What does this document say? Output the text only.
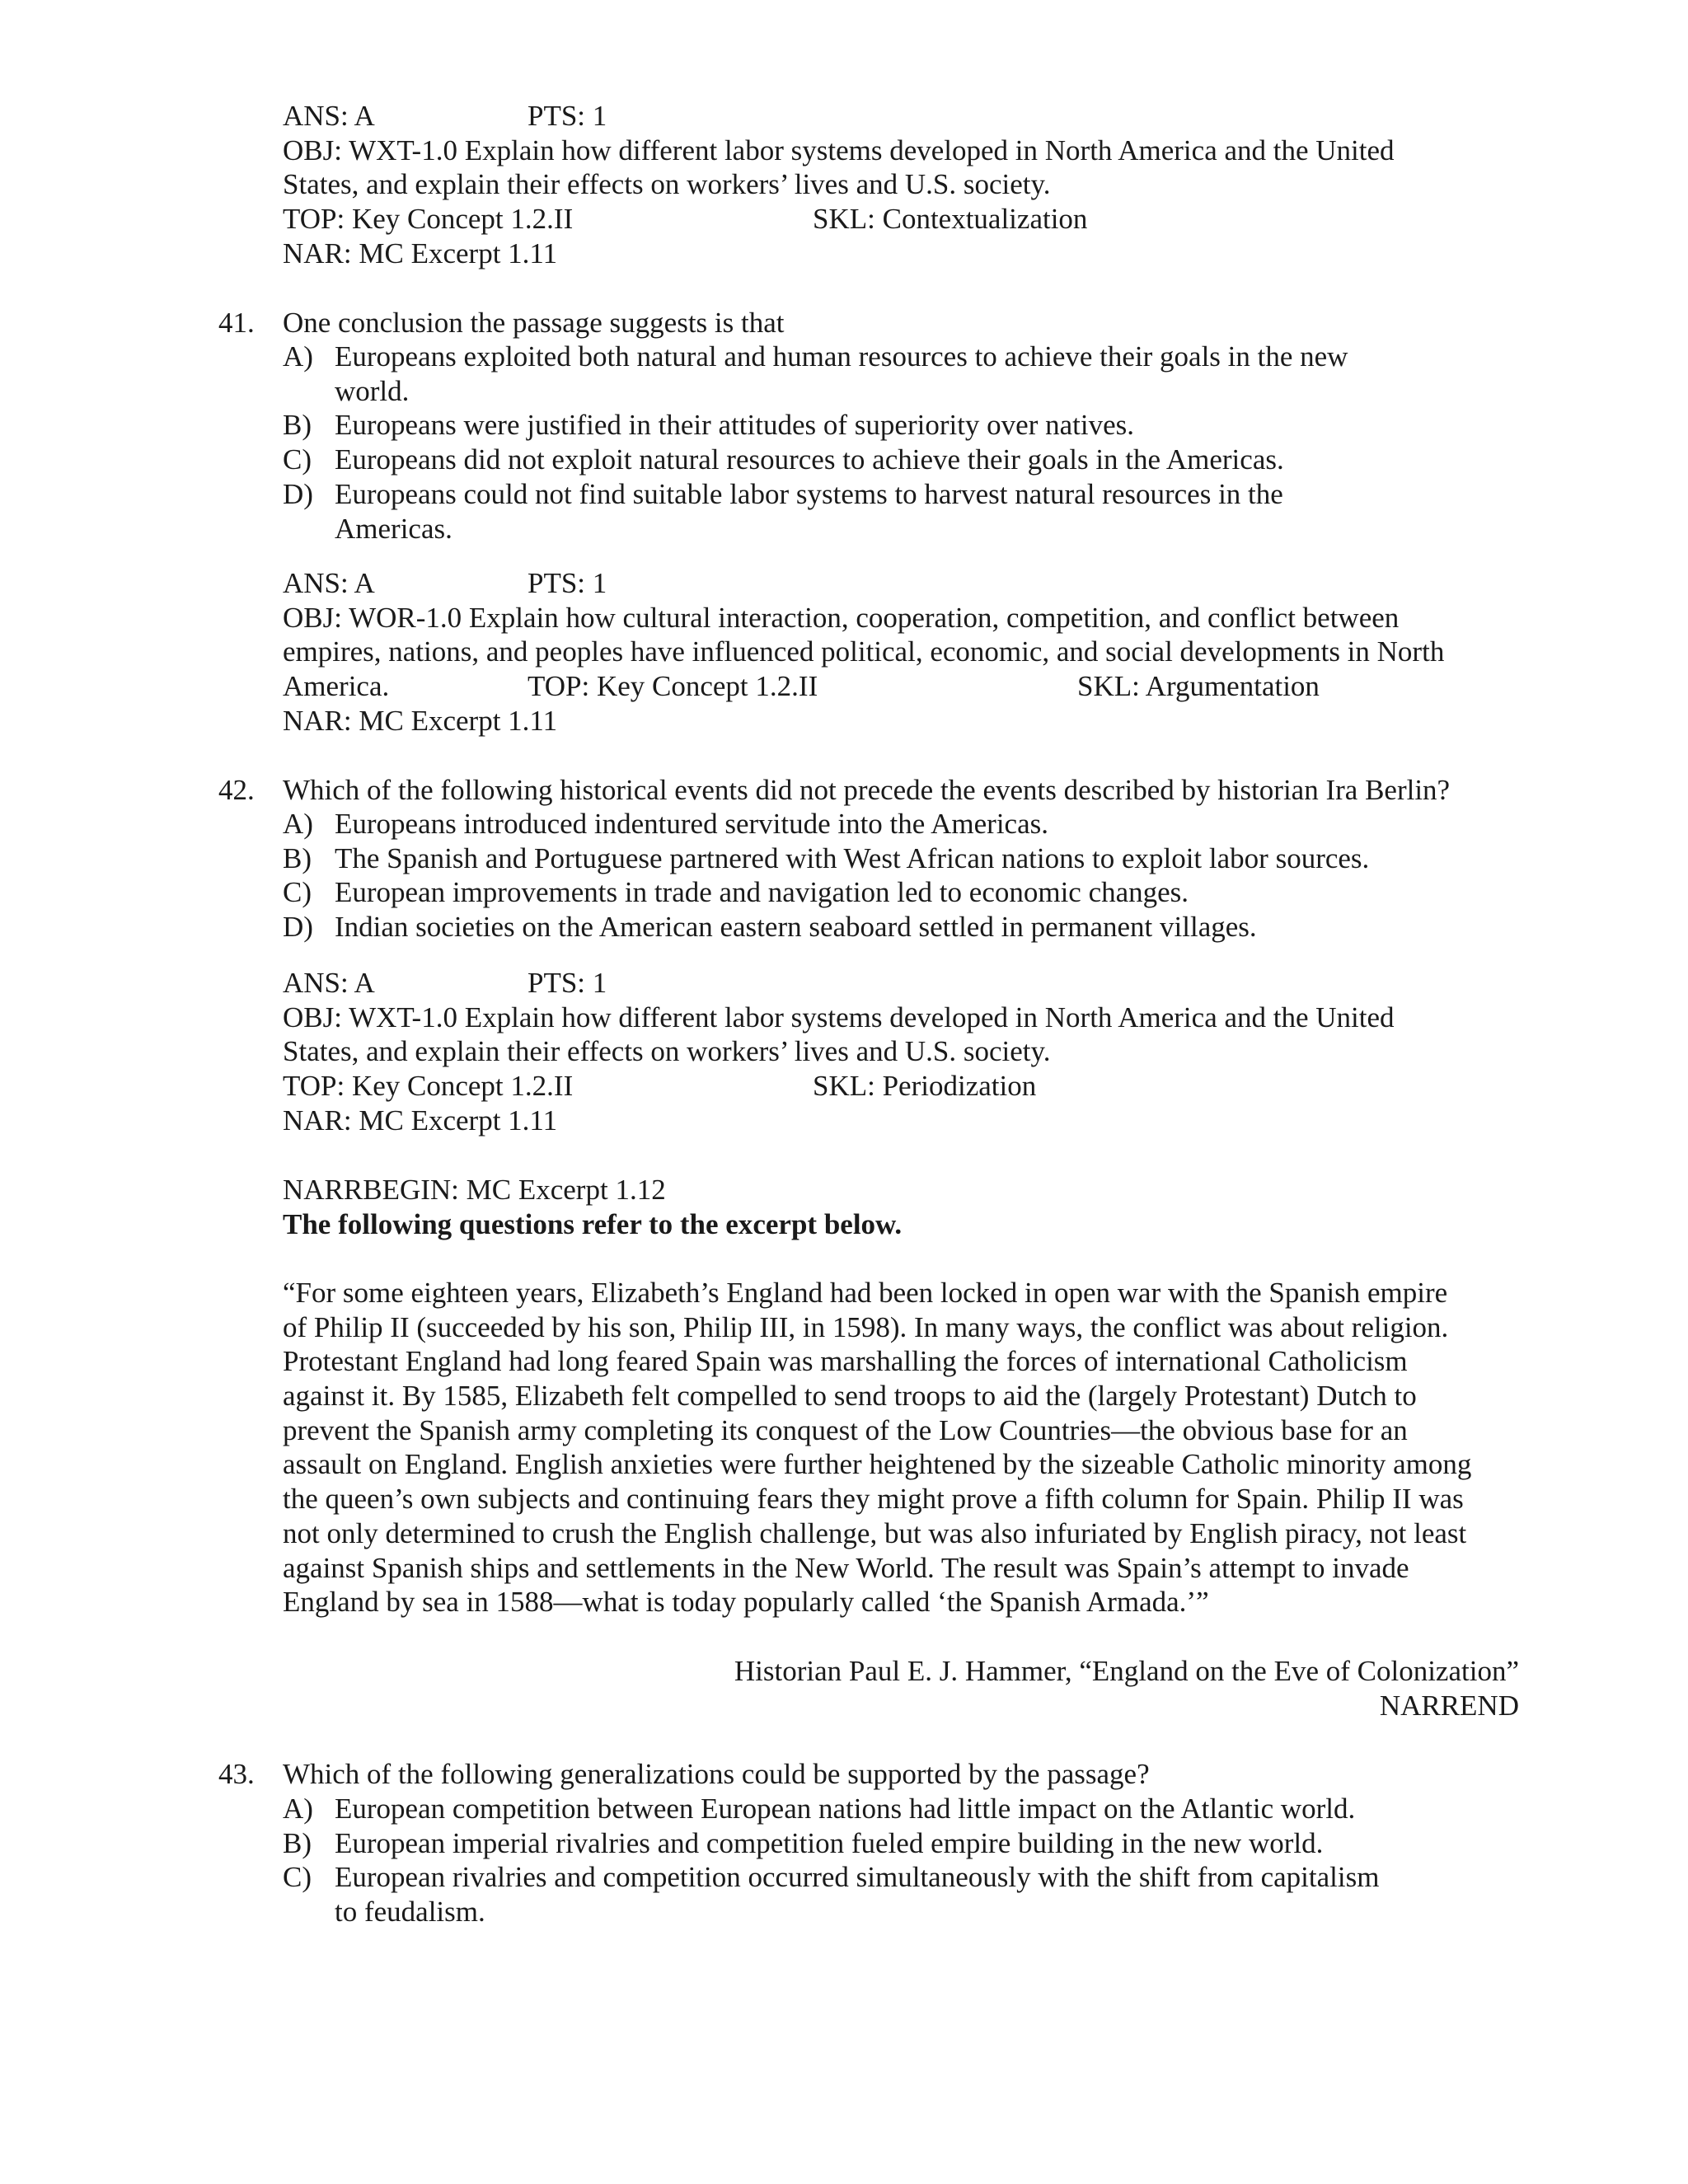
ANS: A	PTS: 1
OBJ: WXT-1.0 Explain how different labor systems developed in North America and the United
States, and explain their effects on workers’ lives and U.S. society.
TOP: Key Concept 1.2.II	SKL: Contextualization
NAR: MC Excerpt 1.11
41. One conclusion the passage suggests is that
A) Europeans exploited both natural and human resources to achieve their goals in the new
world.
B) Europeans were justified in their attitudes of superiority over natives.
C) Europeans did not exploit natural resources to achieve their goals in the Americas.
D) Europeans could not find suitable labor systems to harvest natural resources in the
Americas.
ANS: A	PTS: 1
OBJ: WOR-1.0 Explain how cultural interaction, cooperation, competition, and conflict between
empires, nations, and peoples have influenced political, economic, and social developments in North
America.	TOP: Key Concept 1.2.II	SKL: Argumentation
NAR: MC Excerpt 1.11
42. Which of the following historical events did not precede the events described by historian Ira Berlin?
A) Europeans introduced indentured servitude into the Americas.
B) The Spanish and Portuguese partnered with West African nations to exploit labor sources.
C) European improvements in trade and navigation led to economic changes.
D) Indian societies on the American eastern seaboard settled in permanent villages.
ANS: A	PTS: 1
OBJ: WXT-1.0 Explain how different labor systems developed in North America and the United
States, and explain their effects on workers’ lives and U.S. society.
TOP: Key Concept 1.2.II	SKL: Periodization
NAR: MC Excerpt 1.11
NARRBEGIN: MC Excerpt 1.12
The following questions refer to the excerpt below.
“For some eighteen years, Elizabeth’s England had been locked in open war with the Spanish empire
of Philip II (succeeded by his son, Philip III, in 1598). In many ways, the conflict was about religion.
Protestant England had long feared Spain was marshalling the forces of international Catholicism
against it. By 1585, Elizabeth felt compelled to send troops to aid the (largely Protestant) Dutch to
prevent the Spanish army completing its conquest of the Low Countries—the obvious base for an
assault on England. English anxieties were further heightened by the sizeable Catholic minority among
the queen’s own subjects and continuing fears they might prove a fifth column for Spain. Philip II was
not only determined to crush the English challenge, but was also infuriated by English piracy, not least
against Spanish ships and settlements in the New World. The result was Spain’s attempt to invade
England by sea in 1588—what is today popularly called ‘the Spanish Armada.’”
Historian Paul E. J. Hammer, “England on the Eve of Colonization”
NARREND
43. Which of the following generalizations could be supported by the passage?
A) European competition between European nations had little impact on the Atlantic world.
B) European imperial rivalries and competition fueled empire building in the new world.
C) European rivalries and competition occurred simultaneously with the shift from capitalism
to feudalism.
